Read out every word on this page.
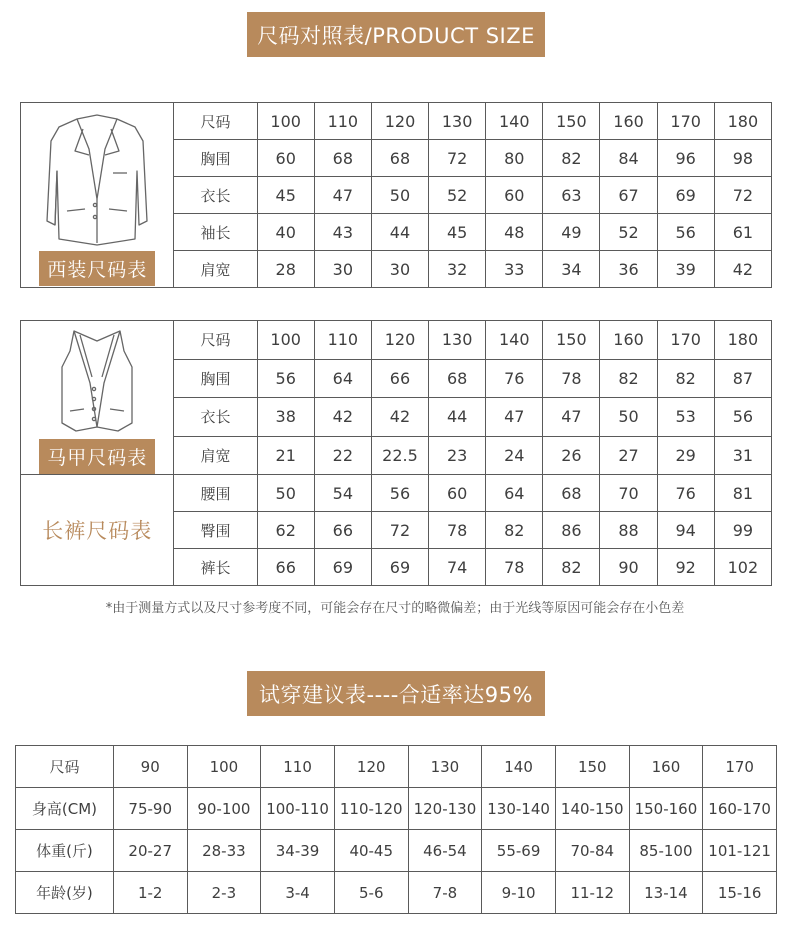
尺码对照表/PRODUCT SIZE
西装尺码表	尺码	100	110	120	130	140	150	160	170	180
	胸围	60	68	68	72	80	82	84	96	98
	衣长	45	47	50	52	60	63	67	69	72
	袖长	40	43	44	45	48	49	52	56	61
	肩宽	28	30	30	32	33	34	36	39	42
马甲尺码表	尺码	100	110	120	130	140	150	160	170	180
	胸围	56	64	66	68	76	78	82	82	87
	衣长	38	42	42	44	47	47	50	53	56
	肩宽	21	22	22.5	23	24	26	27	29	31
长裤尺码表	腰围	50	54	56	60	64	68	70	76	81
	臀围	62	66	72	78	82	86	88	94	99
	裤长	66	69	69	74	78	82	90	92	102
*由于测量方式以及尺寸参考度不同，可能会存在尺寸的略微偏差；由于光线等原因可能会存在小色差
试穿建议表----合适率达95%
尺码	90	100	110	120	130	140	150	160	170
身高(CM)	75-90	90-100	100-110	110-120	120-130	130-140	140-150	150-160	160-170
体重(斤)	20-27	28-33	34-39	40-45	46-54	55-69	70-84	85-100	101-121
年龄(岁)	1-2	2-3	3-4	5-6	7-8	9-10	11-12	13-14	15-16
